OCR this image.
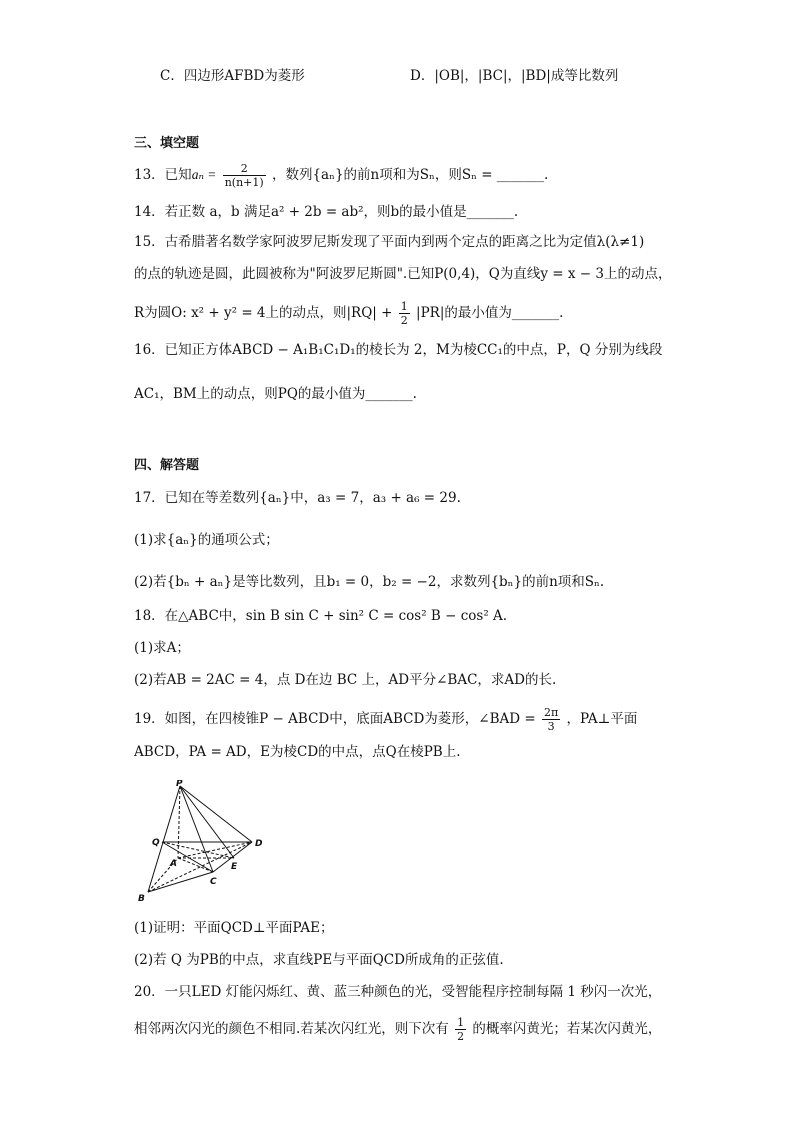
C．四边形AFBD为菱形	D．|OB|，|BC|，|BD|成等比数列
三、填空题
13．已知$a_n = \frac{2}{n(n+1)}$ ，数列{aₙ}的前n项和为Sₙ，则Sₙ = _______.
14．若正数 a，b 满足a² + 2b = ab²，则b的最小值是_______.
15．古希腊著名数学家阿波罗尼斯发现了平面内到两个定点的距离之比为定值λ(λ≠1)
的点的轨迹是圆，此圆被称为"阿波罗尼斯圆".已知P(0,4)，Q为直线y = x − 3上的动点，
R为圆O: x² + y² = 4上的动点，则$|RQ| + \frac{1}{2} |PR|$的最小值为_______.
16．已知正方体ABCD − A₁B₁C₁D₁的棱长为 2，M为棱CC₁的中点，P，Q 分别为线段
AC₁，BM上的动点，则PQ的最小值为_______.
四、解答题
17．已知在等差数列{aₙ}中，a₃ = 7，a₃ + a₆ = 29.
(1)求{aₙ}的通项公式；
(2)若{bₙ + aₙ}是等比数列，且b₁ = 0，b₂ = −2，求数列{bₙ}的前n项和Sₙ.
18．在△ABC中，sin B sin C + sin² C = cos² B − cos² A.
(1)求A；
(2)若AB = 2AC = 4，点 D在边 BC 上，AD平分∠BAC，求AD的长.
19．如图，在四棱锥P − ABCD中，底面ABCD为菱形，∠BAD = $\frac{2\pi}{3}$ ，PA⊥平面
ABCD，PA = AD，E为棱CD的中点，点Q在棱PB上.
P
Q
A
B
C
D
E
(1)证明：平面QCD⊥平面PAE；
(2)若 Q 为PB的中点，求直线PE与平面QCD所成角的正弦值.
20．一只LED 灯能闪烁红、黄、蓝三种颜色的光，受智能程序控制每隔 1 秒闪一次光，
相邻两次闪光的颜色不相同.若某次闪红光，则下次有 $\frac{1}{2}$ 的概率闪黄光；若某次闪黄光，
